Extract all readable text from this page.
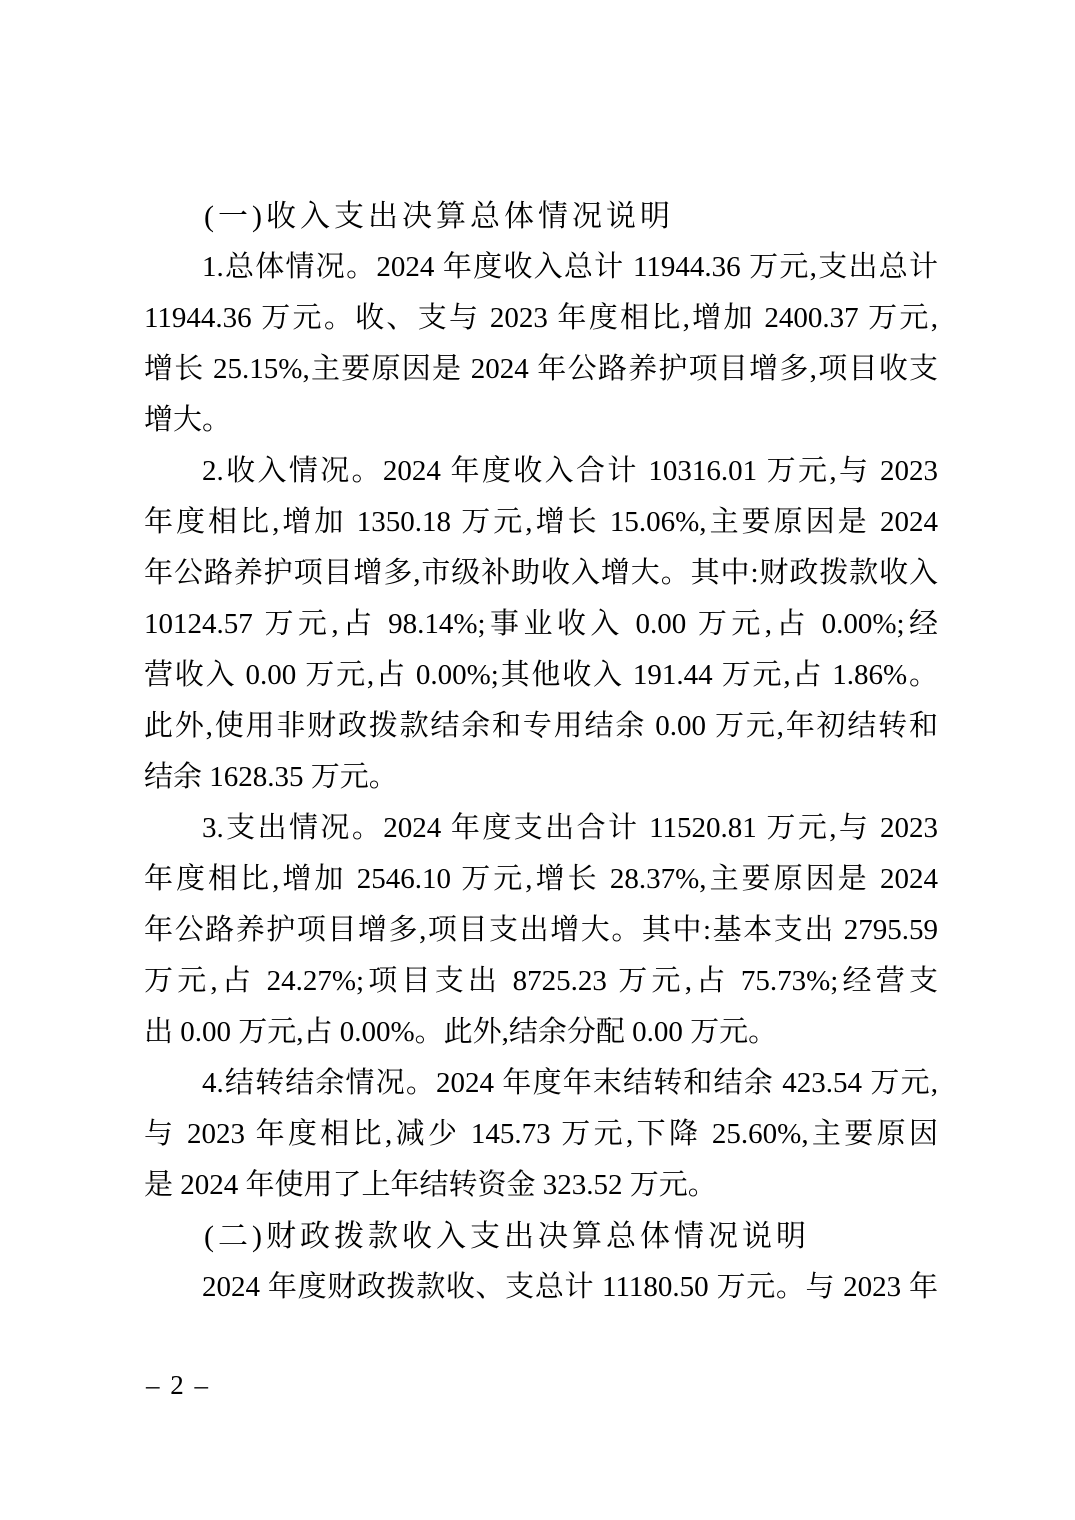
(一)收入支出决算总体情况说明
1.总体情况。2024 年度收入总计 11944.36 万元,支出总计
11944.36 万元。收、支与 2023 年度相比,增加 2400.37 万元,
增长 25.15%,主要原因是 2024 年公路养护项目增多,项目收支
增大。
2.收入情况。2024 年度收入合计 10316.01 万元,与 2023
年度相比,增加 1350.18 万元,增长 15.06%,主要原因是 2024
年公路养护项目增多,市级补助收入增大。其中:财政拨款收入
10124.57 万元,占 98.14%;事业收入 0.00 万元,占 0.00%;经
营收入 0.00 万元,占 0.00%;其他收入 191.44 万元,占 1.86%。
此外,使用非财政拨款结余和专用结余 0.00 万元,年初结转和
结余 1628.35 万元。
3.支出情况。2024 年度支出合计 11520.81 万元,与 2023
年度相比,增加 2546.10 万元,增长 28.37%,主要原因是 2024
年公路养护项目增多,项目支出增大。其中:基本支出 2795.59
万元,占 24.27%;项目支出 8725.23 万元,占 75.73%;经营支
出 0.00 万元,占 0.00%。此外,结余分配 0.00 万元。
4.结转结余情况。2024 年度年末结转和结余 423.54 万元,
与 2023 年度相比,减少 145.73 万元,下降 25.60%,主要原因
是 2024 年使用了上年结转资金 323.52 万元。
(二)财政拨款收入支出决算总体情况说明
2024 年度财政拨款收、支总计 11180.50 万元。与 2023 年
– 2 –
